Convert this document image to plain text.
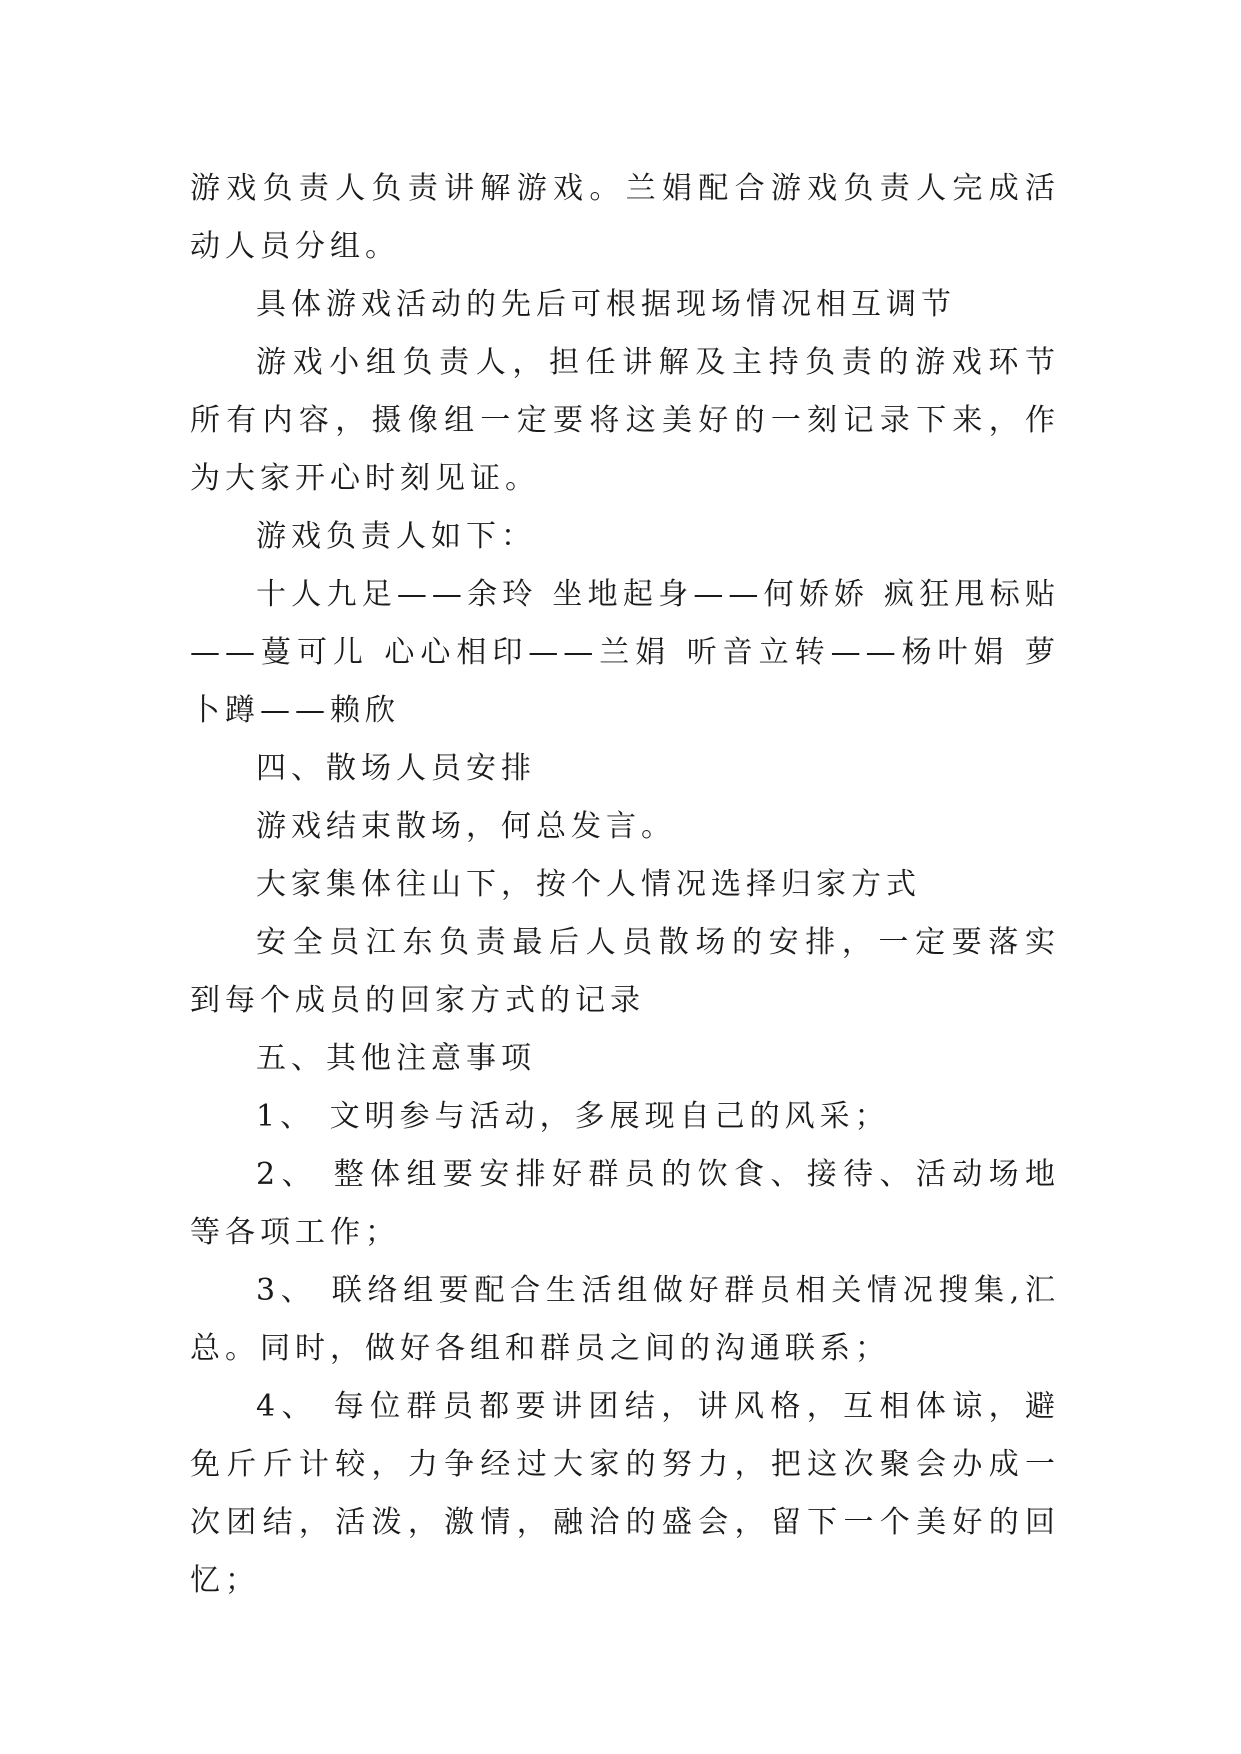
游戏负责人负责讲解游戏。兰娟配合游戏负责人完成活动人员分组。

具体游戏活动的先后可根据现场情况相互调节

游戏小组负责人，担任讲解及主持负责的游戏环节所有内容，摄像组一定要将这美好的一刻记录下来，作为大家开心时刻见证。

游戏负责人如下：

十人九足——余玲 坐地起身——何娇娇 疯狂甩标贴——蔓可儿 心心相印——兰娟 听音立转——杨叶娟 萝卜蹲——赖欣

四、散场人员安排

游戏结束散场，何总发言。

大家集体往山下，按个人情况选择归家方式

安全员江东负责最后人员散场的安排，一定要落实到每个成员的回家方式的记录

五、其他注意事项

1、 文明参与活动，多展现自己的风采；

2、 整体组要安排好群员的饮食、接待、活动场地等各项工作；

3、 联络组要配合生活组做好群员相关情况搜集,汇总。同时，做好各组和群员之间的沟通联系；

4、 每位群员都要讲团结，讲风格，互相体谅，避免斤斤计较，力争经过大家的努力，把这次聚会办成一次团结，活泼，激情，融洽的盛会，留下一个美好的回忆；
